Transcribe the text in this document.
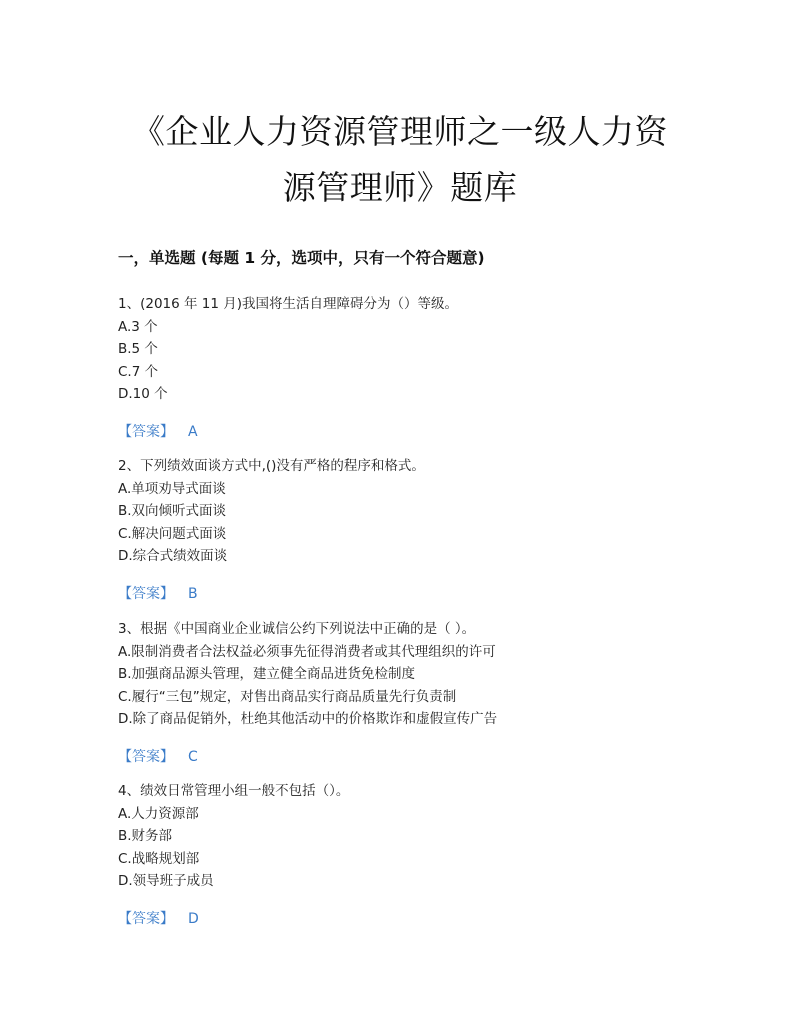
《企业人力资源管理师之一级人力资
源管理师》题库
一，单选题 (每题 1 分，选项中，只有一个符合题意)
1、(2016 年 11 月)我国将生活自理障碍分为（）等级。
A.3 个
B.5 个
C.7 个
D.10 个
【答案】 A
2、下列绩效面谈方式中,()没有严格的程序和格式。
A.单项劝导式面谈
B.双向倾听式面谈
C.解决问题式面谈
D.综合式绩效面谈
【答案】 B
3、根据《中国商业企业诚信公约下列说法中正确的是（ ）。
A.限制消费者合法权益必须事先征得消费者或其代理组织的许可
B.加强商品源头管理，建立健全商品进货免检制度
C.履行“三包”规定，对售出商品实行商品质量先行负责制
D.除了商品促销外，杜绝其他活动中的价格欺诈和虚假宣传广告
【答案】 C
4、绩效日常管理小组一般不包括（）。
A.人力资源部
B.财务部
C.战略规划部
D.领导班子成员
【答案】 D
